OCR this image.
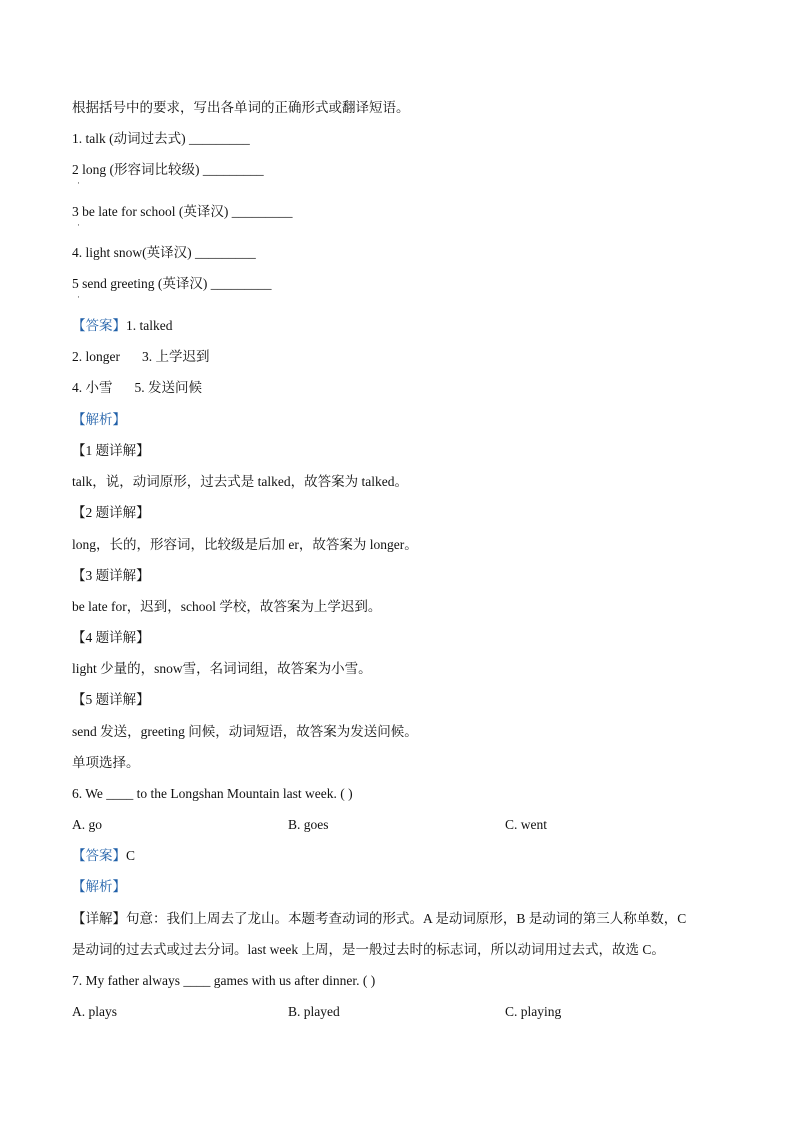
根据括号中的要求，写出各单词的正确形式或翻译短语。
1. talk (动词过去式) _________
2 long (形容词比较级) _________
·
3 be late for school (英译汉) _________
·
4. light snow(英译汉) _________
5 send greeting (英译汉) _________
·
【答案】1. talked
2. longer 3. 上学迟到
4. 小雪 5. 发送问候
【解析】
【1 题详解】
talk，说，动词原形，过去式是 talked，故答案为 talked。
【2 题详解】
long，长的，形容词，比较级是后加 er，故答案为 longer。
【3 题详解】
be late for，迟到，school 学校，故答案为上学迟到。
【4 题详解】
light 少量的，snow雪，名词词组，故答案为小雪。
【5 题详解】
send 发送，greeting 问候，动词短语，故答案为发送问候。
单项选择。
6. We ____ to the Longshan Mountain last week. ( )
A. go	B. goes	C. went
【答案】C
【解析】
【详解】句意：我们上周去了龙山。本题考查动词的形式。A 是动词原形，B 是动词的第三人称单数，C
是动词的过去式或过去分词。last week 上周，是一般过去时的标志词，所以动词用过去式，故选 C。
7. My father always ____ games with us after dinner. ( )
A. plays	B. played	C. playing
